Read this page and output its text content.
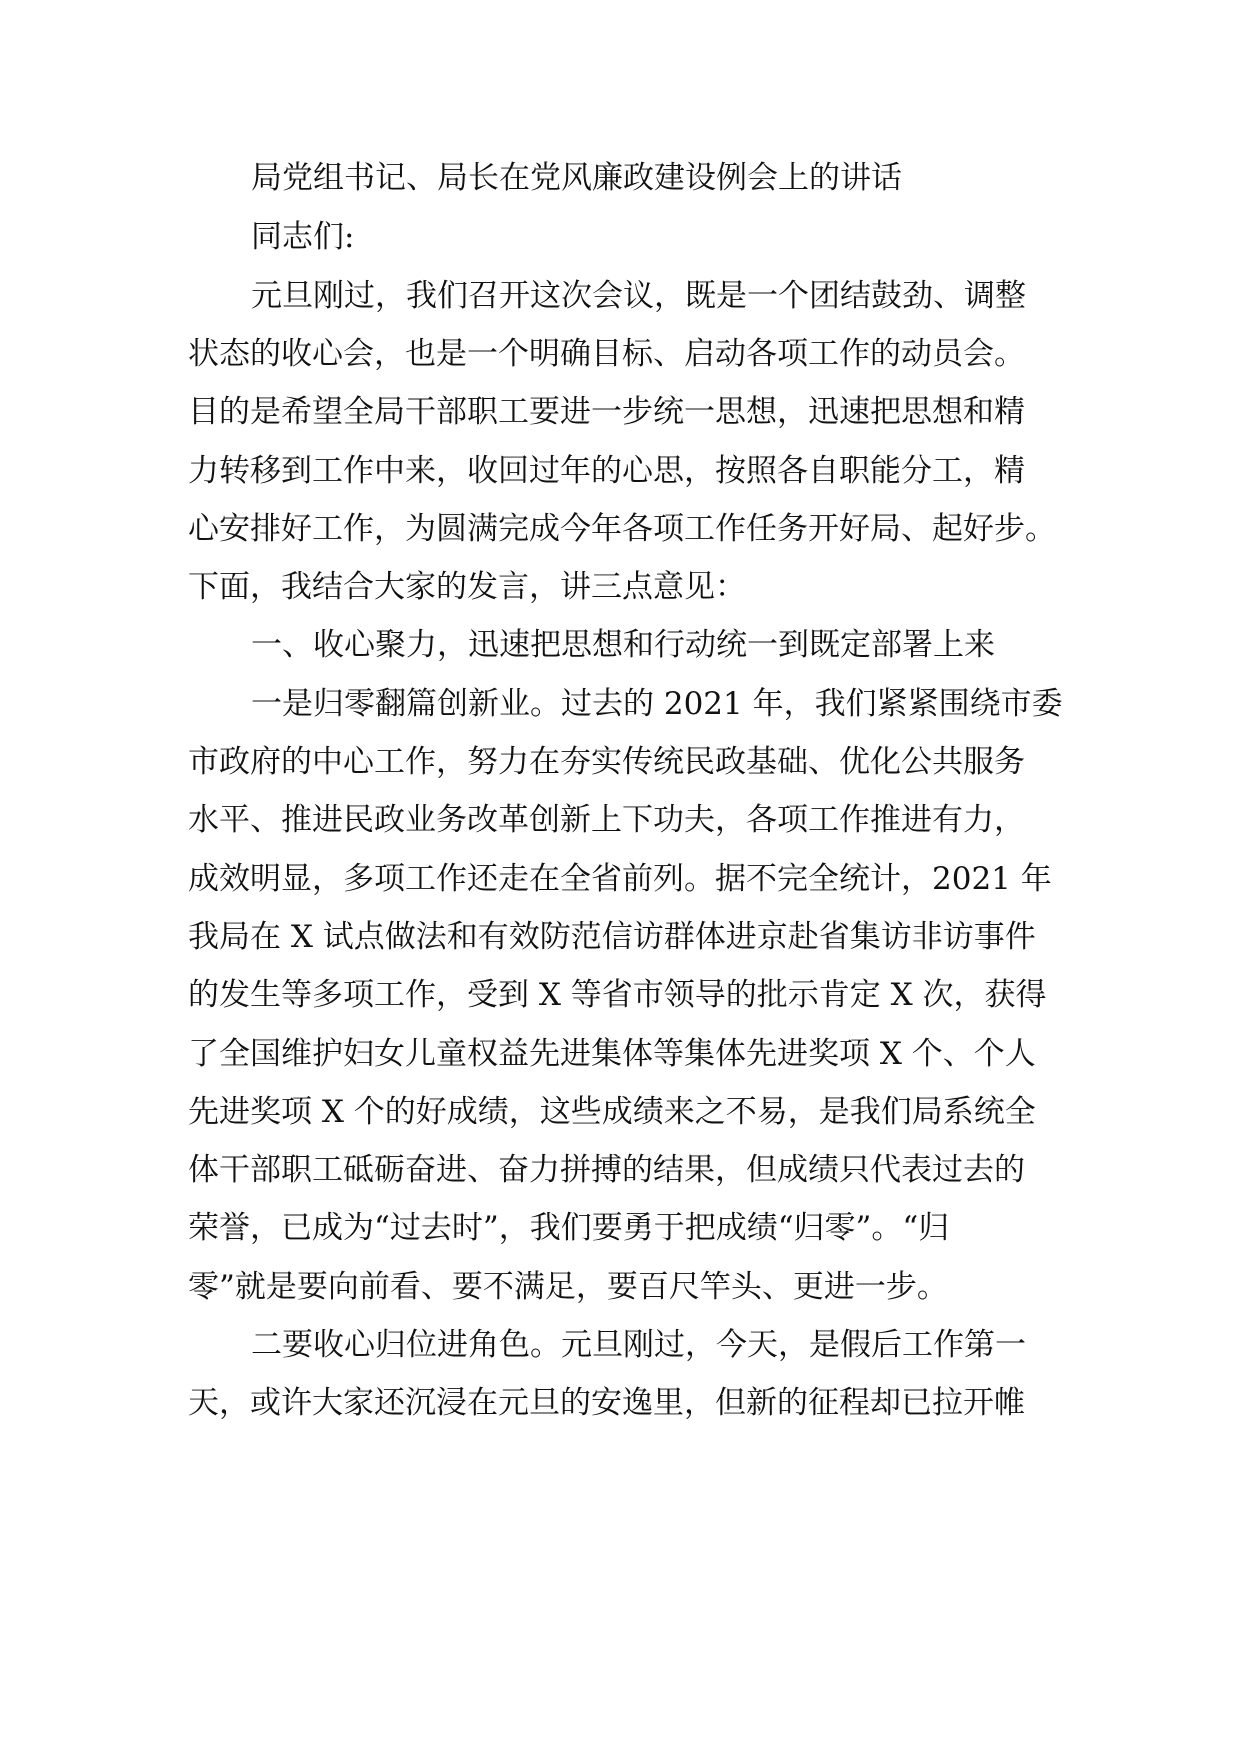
局党组书记、局长在党风廉政建设例会上的讲话
同志们:
元旦刚过，我们召开这次会议，既是一个团结鼓劲、调整
状态的收心会，也是一个明确目标、启动各项工作的动员会。
目的是希望全局干部职工要进一步统一思想，迅速把思想和精
力转移到工作中来，收回过年的心思，按照各自职能分工，精
心安排好工作，为圆满完成今年各项工作任务开好局、起好步。
下面，我结合大家的发言，讲三点意见：
一、收心聚力，迅速把思想和行动统一到既定部署上来
一是归零翻篇创新业。过去的 2021 年，我们紧紧围绕市委
市政府的中心工作，努力在夯实传统民政基础、优化公共服务
水平、推进民政业务改革创新上下功夫，各项工作推进有力，
成效明显，多项工作还走在全省前列。据不完全统计，2021 年
我局在 X 试点做法和有效防范信访群体进京赴省集访非访事件
的发生等多项工作，受到 X 等省市领导的批示肯定 X 次，获得
了全国维护妇女儿童权益先进集体等集体先进奖项 X 个、个人
先进奖项 X 个的好成绩，这些成绩来之不易，是我们局系统全
体干部职工砥砺奋进、奋力拼搏的结果，但成绩只代表过去的
荣誉，已成为“过去时”，我们要勇于把成绩“归零”。“归
零”就是要向前看、要不满足，要百尺竿头、更进一步。
二要收心归位进角色。元旦刚过，今天，是假后工作第一
天，或许大家还沉浸在元旦的安逸里，但新的征程却已拉开帷
